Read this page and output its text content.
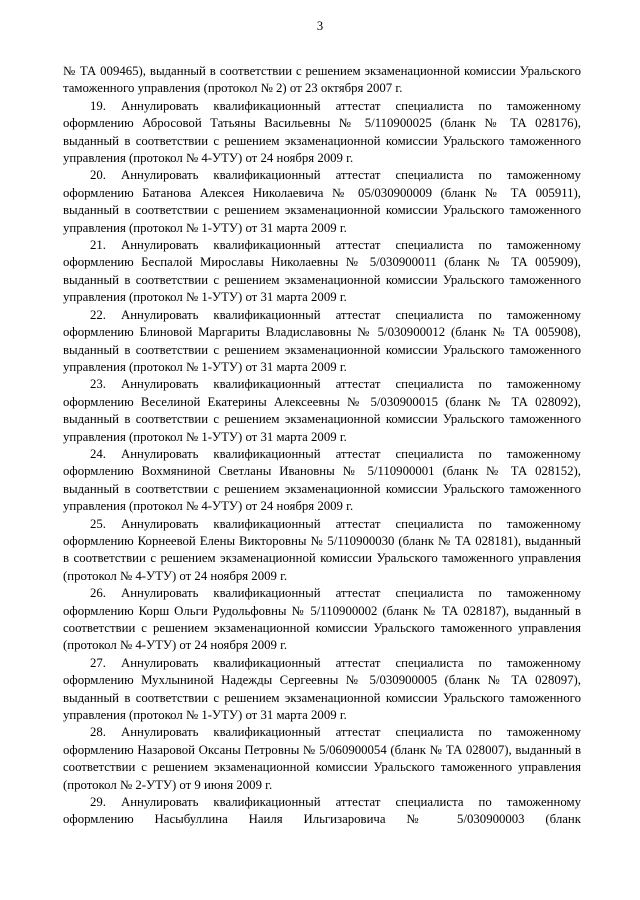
3

№ ТА 009465), выданный в соответствии с решением экзаменационной комиссии Уральского таможенного управления (протокол № 2) от 23 октября 2007 г.

19. Аннулировать квалификационный аттестат специалиста по таможенному оформлению Абросовой Татьяны Васильевны № 5/110900025 (бланк № ТА 028176), выданный в соответствии с решением экзаменационной комиссии Уральского таможенного управления (протокол № 4-УТУ) от 24 ноября 2009 г.

20. Аннулировать квалификационный аттестат специалиста по таможенному оформлению Батанова Алексея Николаевича № 05/030900009 (бланк № ТА 005911), выданный в соответствии с решением экзаменационной комиссии Уральского таможенного управления (протокол № 1-УТУ) от 31 марта 2009 г.

21. Аннулировать квалификационный аттестат специалиста по таможенному оформлению Беспалой Мирославы Николаевны № 5/030900011 (бланк № ТА 005909), выданный в соответствии с решением экзаменационной комиссии Уральского таможенного управления (протокол № 1-УТУ) от 31 марта 2009 г.

22. Аннулировать квалификационный аттестат специалиста по таможенному оформлению Блиновой Маргариты Владиславовны № 5/030900012 (бланк № ТА 005908), выданный в соответствии с решением экзаменационной комиссии Уральского таможенного управления (протокол № 1-УТУ) от 31 марта 2009 г.

23. Аннулировать квалификационный аттестат специалиста по таможенному оформлению Веселиной Екатерины Алексеевны № 5/030900015 (бланк № ТА 028092), выданный в соответствии с решением экзаменационной комиссии Уральского таможенного управления (протокол № 1-УТУ) от 31 марта 2009 г.

24. Аннулировать квалификационный аттестат специалиста по таможенному оформлению Вохмяниной Светланы Ивановны № 5/110900001 (бланк № ТА 028152), выданный в соответствии с решением экзаменационной комиссии Уральского таможенного управления (протокол № 4-УТУ) от 24 ноября 2009 г.

25. Аннулировать квалификационный аттестат специалиста по таможенному оформлению Корнеевой Елены Викторовны № 5/110900030 (бланк № ТА 028181), выданный в соответствии с решением экзаменационной комиссии Уральского таможенного управления (протокол № 4-УТУ) от 24 ноября 2009 г.

26. Аннулировать квалификационный аттестат специалиста по таможенному оформлению Корш Ольги Рудольфовны № 5/110900002 (бланк № ТА 028187), выданный в соответствии с решением экзаменационной комиссии Уральского таможенного управления (протокол № 4-УТУ) от 24 ноября 2009 г.

27. Аннулировать квалификационный аттестат специалиста по таможенному оформлению Мухлыниной Надежды Сергеевны № 5/030900005 (бланк № ТА 028097), выданный в соответствии с решением экзаменационной комиссии Уральского таможенного управления (протокол № 1-УТУ) от 31 марта 2009 г.

28. Аннулировать квалификационный аттестат специалиста по таможенному оформлению Назаровой Оксаны Петровны № 5/060900054 (бланк № ТА 028007), выданный в соответствии с решением экзаменационной комиссии Уральского таможенного управления (протокол № 2-УТУ) от 9 июня 2009 г.

29. Аннулировать квалификационный аттестат специалиста по таможенному оформлению Насыбуллина Наиля Ильгизаровича № 5/030900003 (бланк
